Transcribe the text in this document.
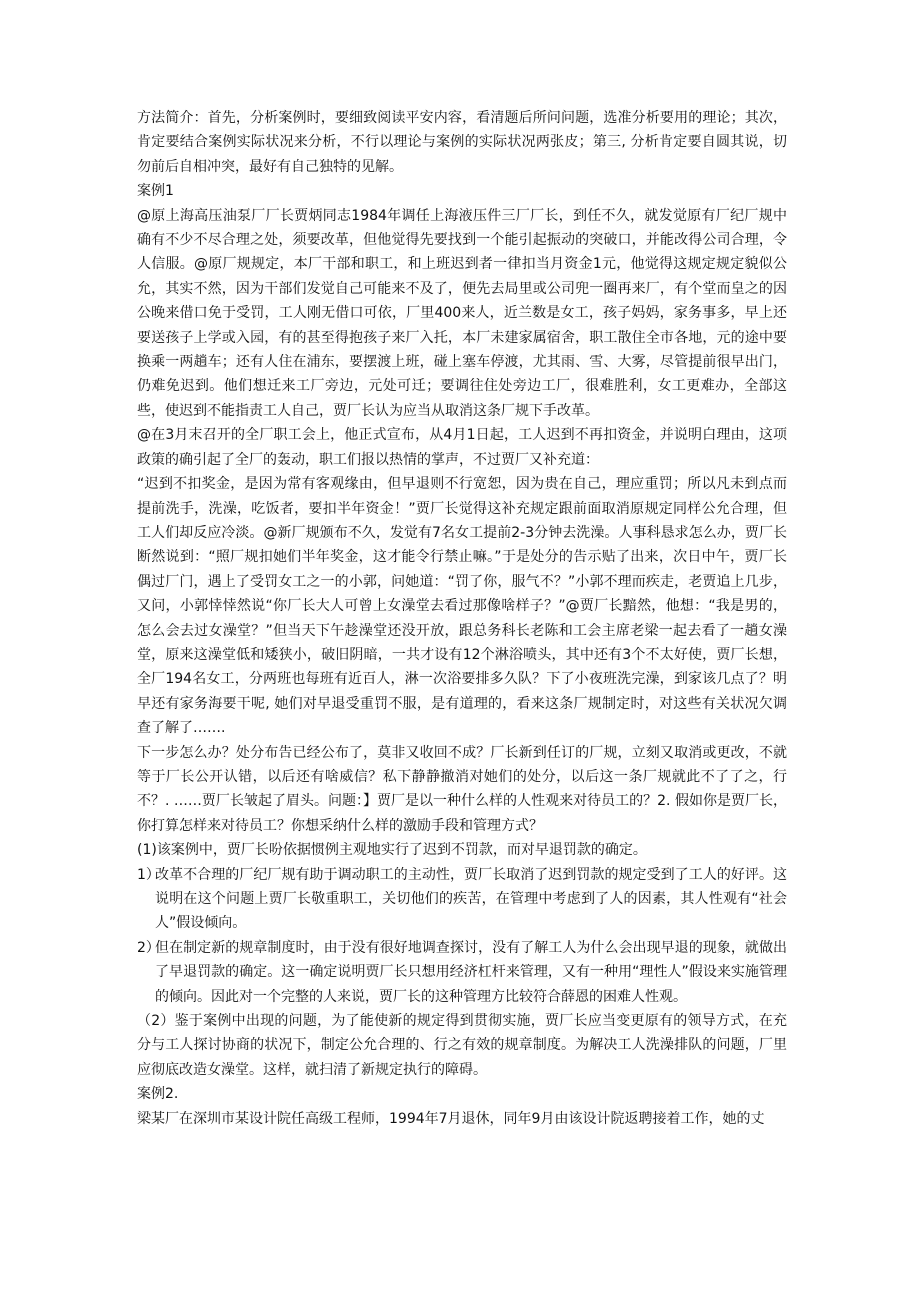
方法简介：首先，分析案例时，要细致阅读平安内容，看清题后所问问题，选准分析要用的理论；其次，肯定要结合案例实际状况来分析，不行以理论与案例的实际状况两张皮；第三, 分析肯定要自圆其说，切勿前后自相冲突，最好有自己独特的见解。

案例1

@原上海高压油泵厂厂长贾炳同志1984年调任上海液压件三厂厂长，到任不久，就发觉原有厂纪厂规中确有不少不尽合理之处，须要改革，但他觉得先要找到一个能引起振动的突破口，并能改得公司合理，令人信服。@原厂规规定，本厂干部和职工，和上班迟到者一律扣当月资金1元，他觉得这规定规定貌似公允，其实不然，因为干部们发觉自己可能来不及了，便先去局里或公司兜一圈再来厂，有个堂而皇之的因公晚来借口免于受罚，工人刚无借口可依，厂里400来人，近兰数是女工，孩子妈妈，家务事多，早上还要送孩子上学或入园，有的甚至得抱孩子来厂入托，本厂未建家属宿舍，职工散住全市各地，元的途中要换乘一两趟车；还有人住在浦东，要摆渡上班，碰上塞车停渡，尤其雨、雪、大雾，尽管提前很早出门，仍难免迟到。他们想迁来工厂旁边，元处可迁；要调往住处旁边工厂，很难胜利，女工更难办，全部这些，使迟到不能指责工人自己，贾厂长认为应当从取消这条厂规下手改革。

@在3月末召开的全厂职工会上，他正式宣布，从4月1日起，工人迟到不再扣资金，并说明白理由，这项政策的确引起了全厂的轰动，职工们报以热情的掌声，不过贾厂又补充道：

“迟到不扣奖金，是因为常有客观缘由，但早退则不行宽恕，因为贵在自己，理应重罚；所以凡未到点而提前洗手，洗澡，吃饭者，要扣半年资金！”贾厂长觉得这补充规定跟前面取消原规定同样公允合理，但工人们却反应冷淡。@新厂规颁布不久，发觉有7名女工提前2-3分钟去洗澡。人事科恳求怎么办，贾厂长断然说到：“照厂规扣她们半年奖金，这才能令行禁止嘛。”于是处分的告示贴了出来，次日中午，贾厂长偶过厂门，遇上了受罚女工之一的小郭，问她道：“罚了你，服气不？”小郭不理而疾走，老贾追上几步，又问，小郭悻悻然说“你厂长大人可曾上女澡堂去看过那像啥样子？”@贾厂长黯然，他想：“我是男的，怎么会去过女澡堂？”但当天下午趁澡堂还没开放，跟总务科长老陈和工会主席老梁一起去看了一趟女澡堂，原来这澡堂低和矮狭小，破旧阴暗，一共才设有12个淋浴喷头，其中还有3个不太好使，贾厂长想，全厂194名女工，分两班也每班有近百人，淋一次浴要排多久队？下了小夜班洗完澡，到家该几点了？明早还有家务海要干呢, 她们对早退受重罚不服，是有道理的，看来这条厂规制定时，对这些有关状况欠调查了解了…….

下一步怎么办？处分布告已经公布了，莫非又收回不成？厂长新到任订的厂规，立刻又取消或更改，不就等于厂长公开认错，以后还有啥威信？私下静静撤消对她们的处分，以后这一条厂规就此不了了之，行不？. ……贾厂长皱起了眉头。问题：】贾厂是以一种什么样的人性观来对待员工的？2. 假如你是贾厂长，你打算怎样来对待员工？你想采纳什么样的激励手段和管理方式？

(1)该案例中，贾厂长吩依据惯例主观地实行了迟到不罚款，而对早退罚款的确定。

1）改革不合理的厂纪厂规有助于调动职工的主动性，贾厂长取消了迟到罚款的规定受到了工人的好评。这说明在这个问题上贾厂长敬重职工，关切他们的疾苦，在管理中考虑到了人的因素，其人性观有“社会人”假设倾向。

2）但在制定新的规章制度时，由于没有很好地调查探讨，没有了解工人为什么会出现早退的现象，就做出了早退罚款的确定。这一确定说明贾厂长只想用经济杠杆来管理，又有一种用“理性人”假设来实施管理的倾向。因此对一个完整的人来说，贾厂长的这种管理方比较符合薛恩的困难人性观。

（2）鉴于案例中出现的问题，为了能使新的规定得到贯彻实施，贾厂长应当变更原有的领导方式，在充分与工人探讨协商的状况下，制定公允合理的、行之有效的规章制度。为解决工人洗澡排队的问题，厂里应彻底改造女澡堂。这样，就扫清了新规定执行的障碍。

案例2.

梁某厂在深圳市某设计院任高级工程师，1994年7月退休，同年9月由该设计院返聘接着工作，她的丈
